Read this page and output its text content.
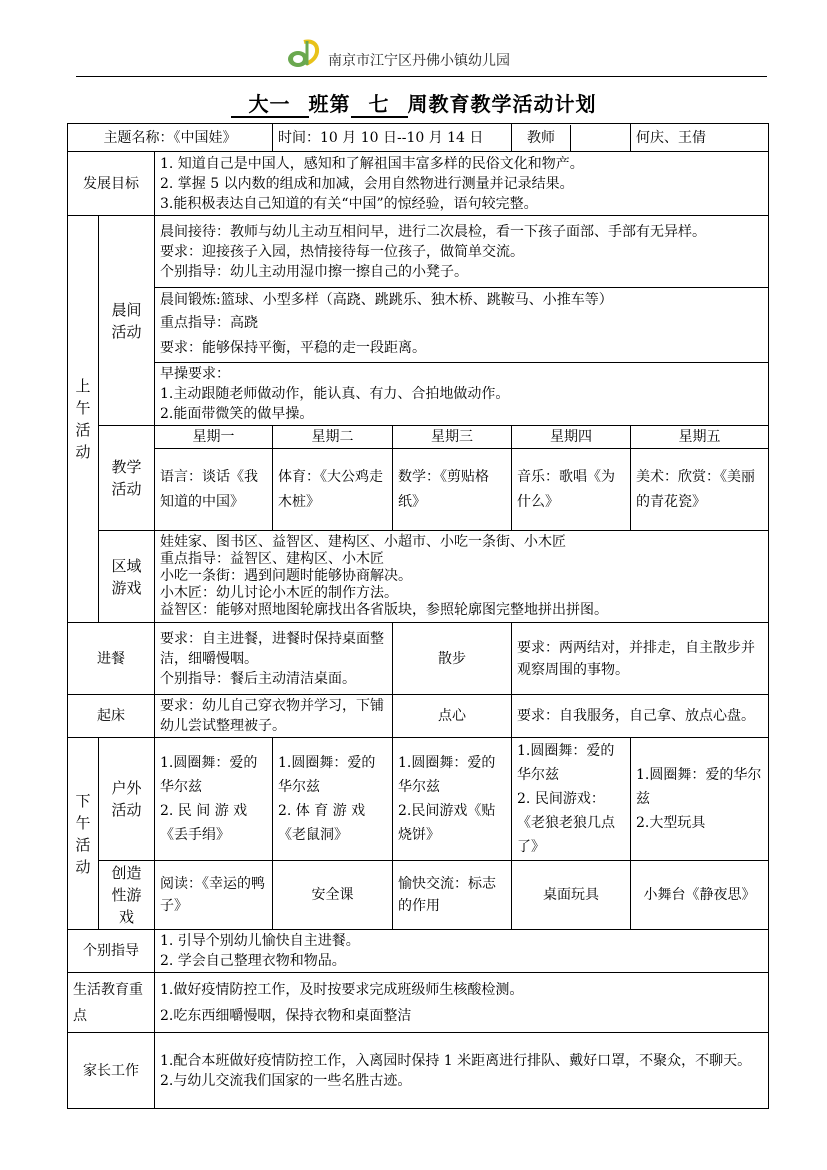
南京市江宁区丹佛小镇幼儿园
大一 班第 七 周教育教学活动计划
主题名称：《中国娃》			时间：10 月 10 日--10 月 14 日		教师	何庆、王倩
发展目标		1. 知道自己是中国人，感知和了解祖国丰富多样的民俗文化和物产。
2. 掌握 5 以内数的组成和加减，会用自然物进行测量并记录结果。
3.能积极表达自己知道的有关“中国”的惊经验，语句较完整。				

上午活动	晨间活动	晨间接待：教师与幼儿主动互相问早，进行二次晨检，看一下孩子面部、手部有无异样。
要求：迎接孩子入园，热情接待每一位孩子，做简单交流。
个别指导：幼儿主动用湿巾擦一擦自己的小凳子。				

		晨间锻炼:篮球、小型多样（高跷、跳跳乐、独木桥、跳鞍马、小推车等）
重点指导：高跷
要求：能够保持平衡，平稳的走一段距离。				

		早操要求：
1.主动跟随老师做动作，能认真、有力、合拍地做动作。
2.能面带微笑的做早操。				

	教学活动	星期一	星期二	星期三	星期四	星期五
		语言：谈话《我知道的中国》	体育：《大公鸡走木桩》	数学：《剪贴格纸》	音乐：歌唱《为什么》	美术：欣赏：《美丽的青花瓷》

	区域游戏	娃娃家、图书区、益智区、建构区、小超市、小吃一条街、小木匠
重点指导：益智区、建构区、小木匠
小吃一条街：遇到问题时能够协商解决。
小木匠：幼儿讨论小木匠的制作方法。
益智区：能够对照地图轮廓找出各省版块，参照轮廓图完整地拼出拼图。				

进餐		要求：自主进餐，进餐时保持桌面整洁，细嚼慢咽。
个别指导：餐后主动清洁桌面。		散步	要求：两两结对，并排走，自主散步并观察周围的事物。	
起床		要求：幼儿自己穿衣物并学习，下铺幼儿尝试整理被子。		点心	要求：自我服务，自己拿、放点心盘。	

下午活动	户外活动	1.圆圈舞：爱的华尔兹
2. 民 间 游 戏《丢手绢》	1.圆圈舞：爱的华尔兹
2. 体 育 游 戏《老鼠洞》	1.圆圈舞：爱的华尔兹
2.民间游戏《贴烧饼》	1.圆圈舞：爱的华尔兹
2. 民间游戏：《老狼老狼几点了》	1.圆圈舞：爱的华尔兹
2.大型玩具

	创造性游戏	阅读：《幸运的鸭子》	安全课	愉快交流：标志的作用	桌面玩具	小舞台《静夜思》
个别指导		1. 引导个别幼儿愉快自主进餐。
2. 学会自己整理衣物和物品。				

生活教育重 点		1.做好疫情防控工作，及时按要求完成班级师生核酸检测。
2.吃东西细嚼慢咽，保持衣物和桌面整洁				

家长工作		1.配合本班做好疫情防控工作，入离园时保持 1 米距离进行排队、戴好口罩，不聚众，不聊天。
2.与幼儿交流我们国家的一些名胜古迹。				
